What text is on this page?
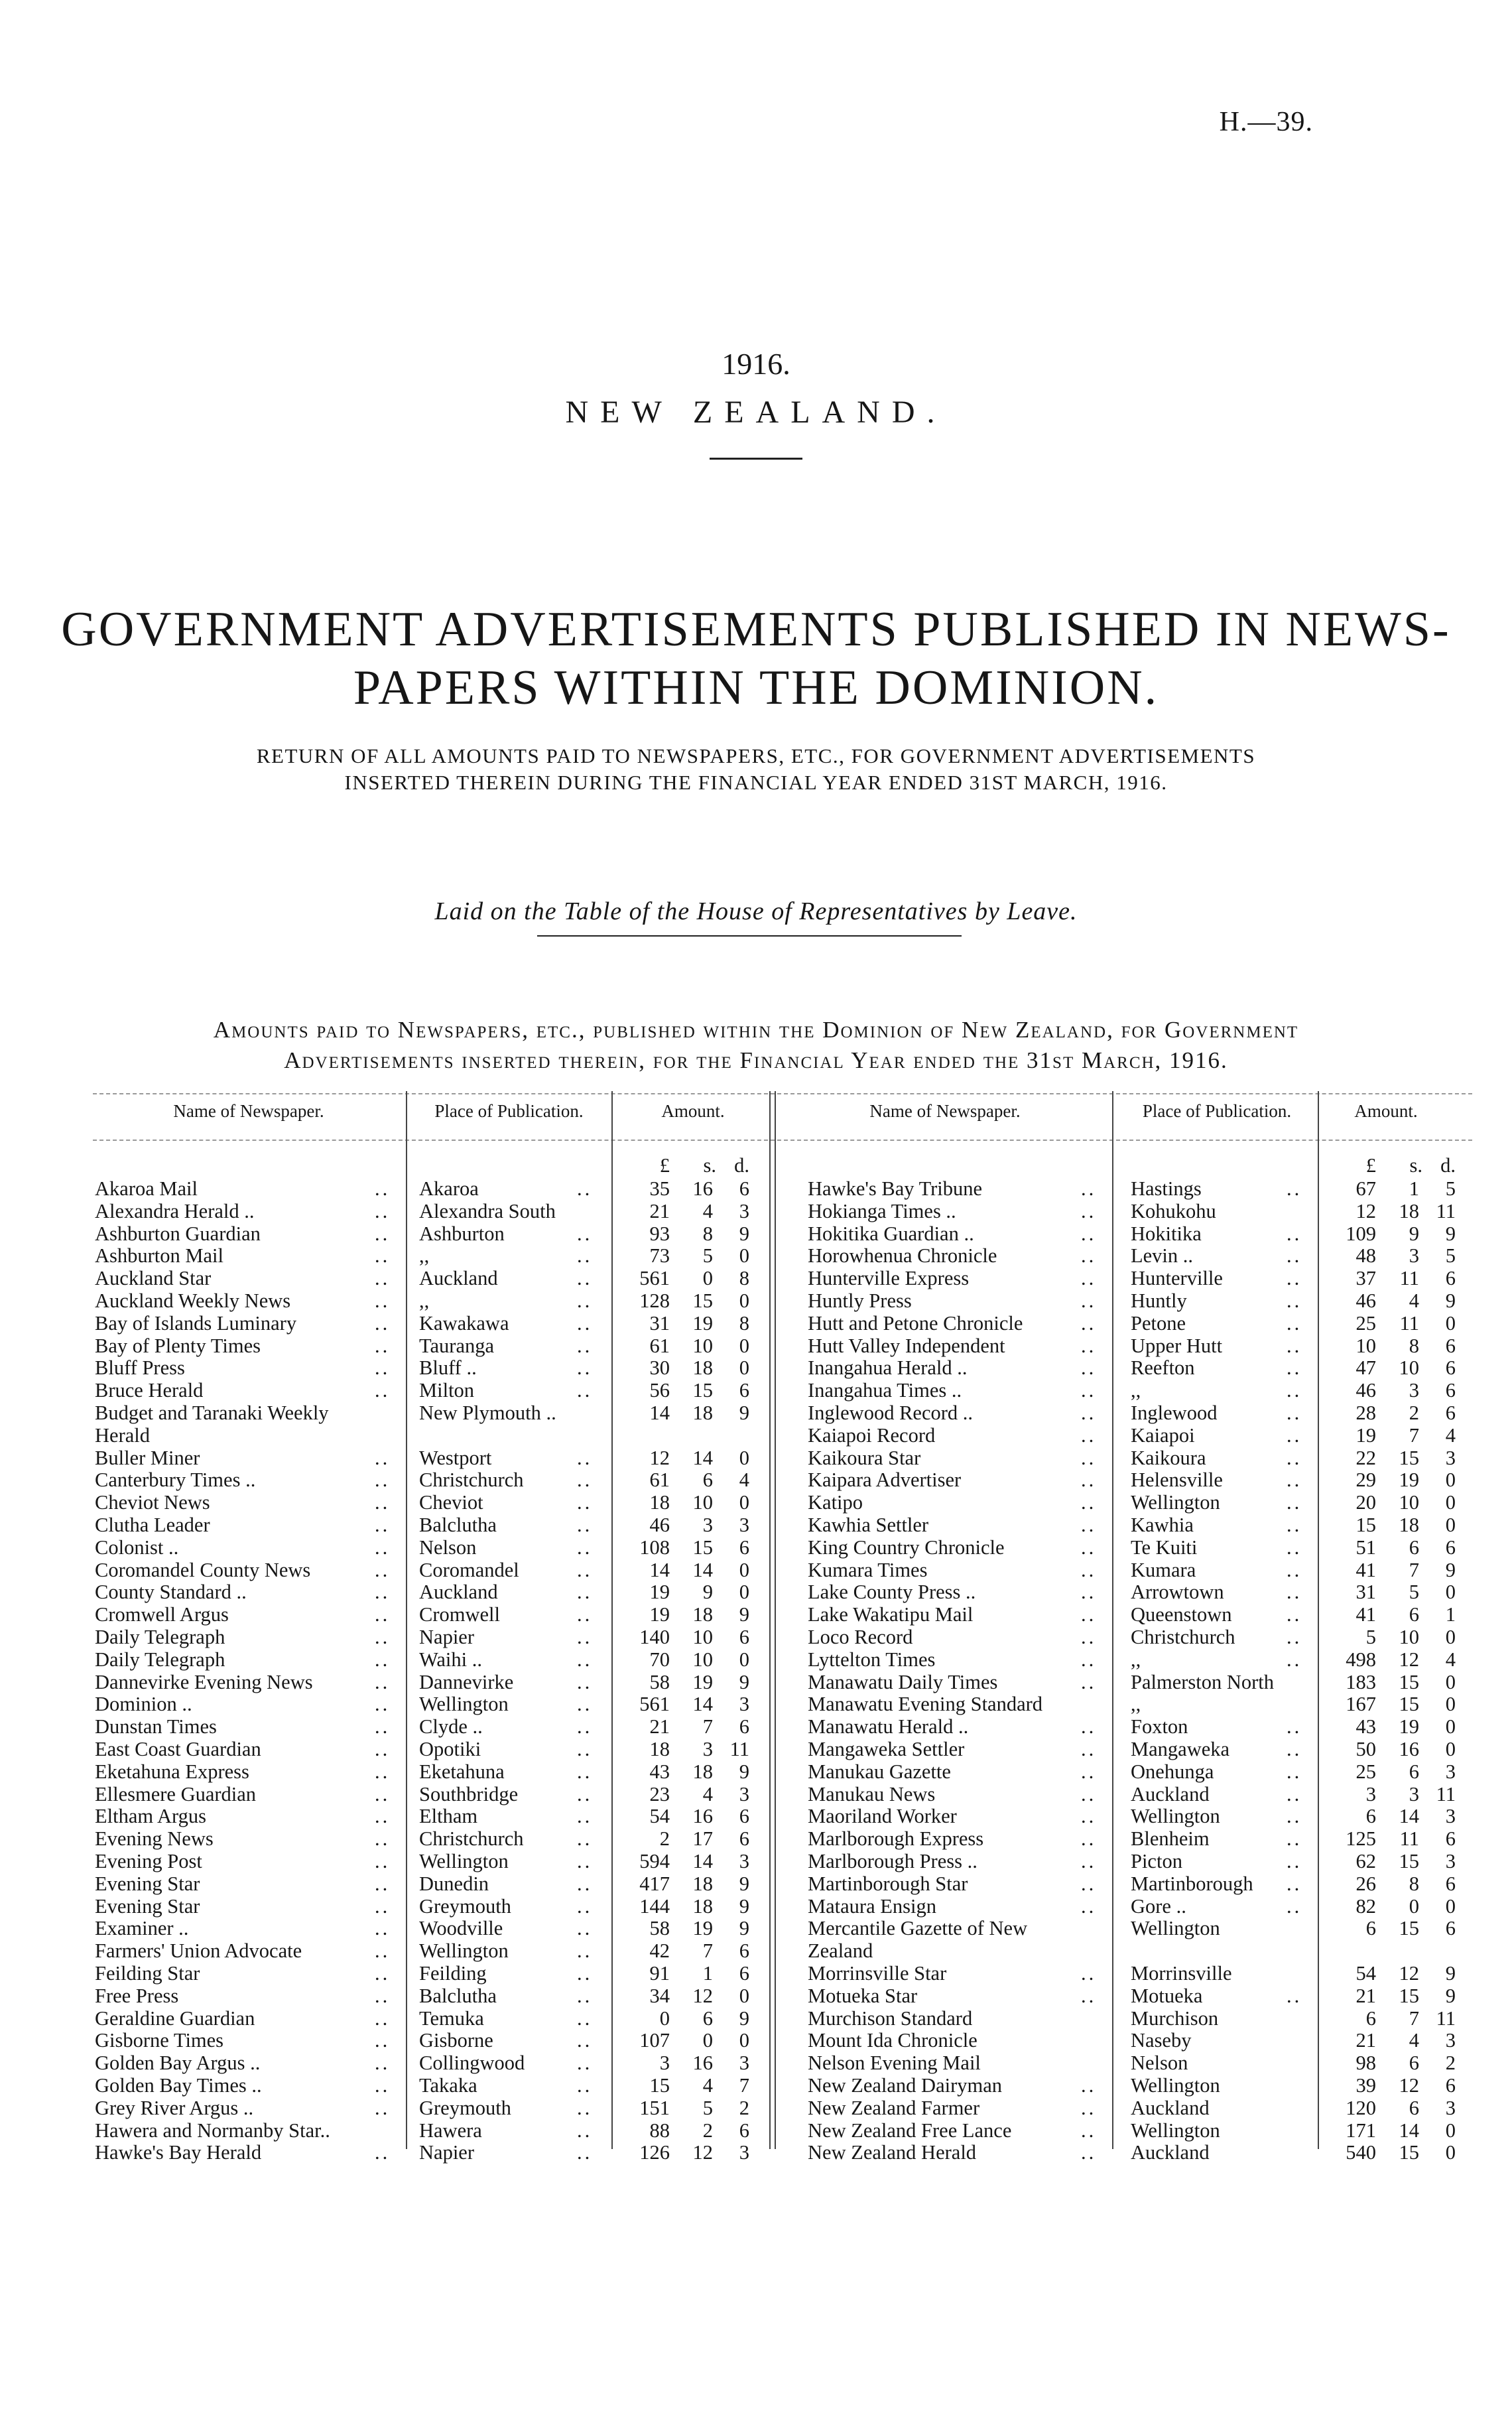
H.—39.
1916.
NEW ZEALAND.
GOVERNMENT ADVERTISEMENTS PUBLISHED IN NEWS-
PAPERS WITHIN THE DOMINION.
RETURN OF ALL AMOUNTS PAID TO NEWSPAPERS, ETC., FOR GOVERNMENT ADVERTISEMENTS
INSERTED THEREIN DURING THE FINANCIAL YEAR ENDED 31ST MARCH, 1916.
Laid on the Table of the House of Representatives by Leave.
Amounts paid to Newspapers, etc., published within the Dominion of New Zealand, for Government
Advertisements inserted therein, for the Financial Year ended the 31st March, 1916.
Name of Newspaper.	Place of Publication.	Amount.	Name of Newspaper.	Place of Publication.	Amount.
£	s. d.	£	s. d.
Akaroa Mail	.. Akaroa	..	35	16	6
Alexandra Herald ..	.. Alexandra South	21	4	3
Ashburton Guardian	.. Ashburton	..	93	8	9
Ashburton Mail	.. ,,	..	73	5	0
Auckland Star	.. Auckland	..	561	0	8
Auckland Weekly News	.. ,,	..	128	15	0
Bay of Islands Luminary	.. Kawakawa	..	31	19	8
Bay of Plenty Times	.. Tauranga	..	61	10	0
Bluff Press	.. Bluff ..	..	30	18	0
Bruce Herald	.. Milton	..	56	15	6
Budget and Taranaki Weekly	New Plymouth ..	14	18	9
Herald
Buller Miner	.. Westport	..	12	14	0
Canterbury Times ..	.. Christchurch	..	61	6	4
Cheviot News	.. Cheviot	..	18	10	0
Clutha Leader	.. Balclutha	..	46	3	3
Colonist ..	.. Nelson	..	108	15	6
Coromandel County News	.. Coromandel	..	14	14	0
County Standard ..	.. Auckland	..	19	9	0
Cromwell Argus	.. Cromwell	..	19	18	9
Daily Telegraph	.. Napier	..	140	10	6
Daily Telegraph	.. Waihi ..	..	70	10	0
Dannevirke Evening News	.. Dannevirke	..	58	19	9
Dominion ..	.. Wellington	..	561	14	3
Dunstan Times	.. Clyde ..	..	21	7	6
East Coast Guardian	.. Opotiki	..	18	3 11
Eketahuna Express	.. Eketahuna	..	43	18	9
Ellesmere Guardian	.. Southbridge	..	23	4	3
Eltham Argus	.. Eltham	..	54	16	6
Evening News	.. Christchurch	..	2	17	6
Evening Post	.. Wellington	..	594	14	3
Evening Star	.. Dunedin	..	417	18	9
Evening Star	.. Greymouth	..	144	18	9
Examiner ..	.. Woodville	..	58	19	9
Farmers' Union Advocate	.. Wellington	..	42	7	6
Feilding Star	.. Feilding	..	91	1	6
Free Press	.. Balclutha	..	34	12	0
Geraldine Guardian	.. Temuka	..	0	6	9
Gisborne Times	.. Gisborne	..	107	0	0
Golden Bay Argus ..	.. Collingwood	..	3	16	3
Golden Bay Times ..	.. Takaka	..	15	4	7
Grey River Argus ..	.. Greymouth	..	151	5	2
Hawera and Normanby Star..	Hawera	..	88	2	6
Hawke's Bay Herald	.. Napier	..	126	12	3
Hawke's Bay Tribune	.. Hastings	..	67	1	5
Hokianga Times ..	.. Kohukohu	12	18 11
Hokitika Guardian ..	.. Hokitika	..	109	9	9
Horowhenua Chronicle	.. Levin ..	..	48	3	5
Hunterville Express	.. Hunterville	..	37	11	6
Huntly Press	.. Huntly	..	46	4	9
Hutt and Petone Chronicle	.. Petone	..	25	11	0
Hutt Valley Independent	.. Upper Hutt	..	10	8	6
Inangahua Herald ..	.. Reefton	..	47	10	6
Inangahua Times ..	.. ,,	..	46	3	6
Inglewood Record ..	.. Inglewood	..	28	2	6
Kaiapoi Record	.. Kaiapoi	..	19	7	4
Kaikoura Star	.. Kaikoura	..	22	15	3
Kaipara Advertiser	.. Helensville	..	29	19	0
Katipo	.. Wellington	..	20	10	0
Kawhia Settler	.. Kawhia	..	15	18	0
King Country Chronicle	.. Te Kuiti	..	51	6	6
Kumara Times	.. Kumara	..	41	7	9
Lake County Press ..	.. Arrowtown	..	31	5	0
Lake Wakatipu Mail	.. Queenstown	..	41	6	1
Loco Record	.. Christchurch	..	5	10	0
Lyttelton Times	.. ,,	..	498	12	4
Manawatu Daily Times	.. Palmerston North	183	15	0
Manawatu Evening Standard	,,	167	15	0
Manawatu Herald ..	.. Foxton	..	43	19	0
Mangaweka Settler	.. Mangaweka	..	50	16	0
Manukau Gazette	.. Onehunga	..	25	6	3
Manukau News	.. Auckland	..	3	3 11
Maoriland Worker	.. Wellington	..	6	14	3
Marlborough Express	.. Blenheim	..	125	11	6
Marlborough Press ..	.. Picton	..	62	15	3
Martinborough Star	.. Martinborough	..	26	8	6
Mataura Ensign	.. Gore ..	..	82	0	0
Mercantile Gazette of New	Wellington	6	15	6
Zealand
Morrinsville Star	.. Morrinsville	54	12	9
Motueka Star	.. Motueka	..	21	15	9
Murchison Standard	Murchison	6	7 11
Mount Ida Chronicle	Naseby	21	4	3
Nelson Evening Mail	Nelson	98	6	2
New Zealand Dairyman	.. Wellington	39	12	6
New Zealand Farmer	.. Auckland	120	6	3
New Zealand Free Lance	.. Wellington	171	14	0
New Zealand Herald	.. Auckland	540	15	0
